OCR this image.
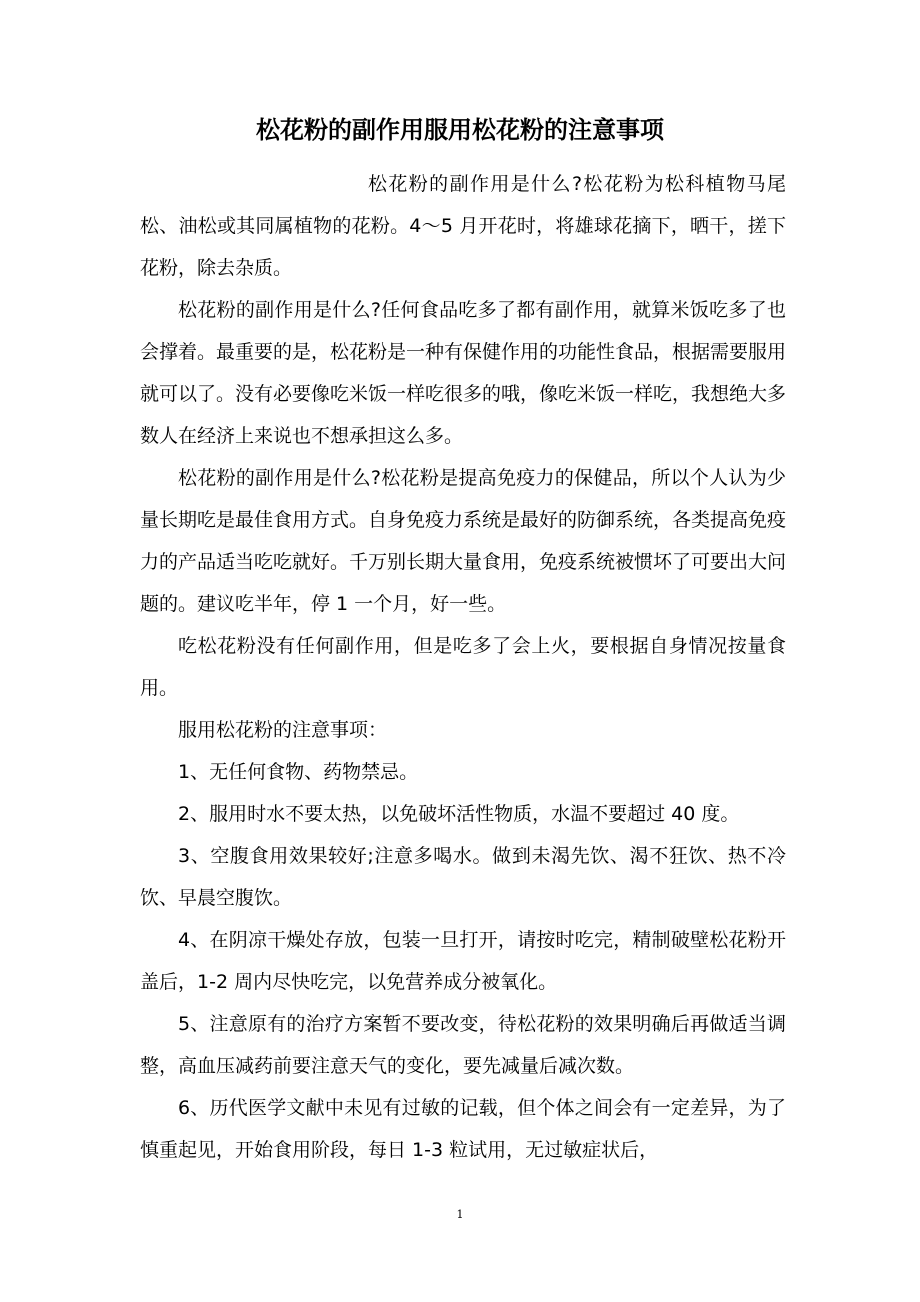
松花粉的副作用服用松花粉的注意事项

松花粉的副作用是什么?松花粉为松科植物马尾松、油松或其同属植物的花粉。4～5 月开花时，将雄球花摘下，晒干，搓下花粉，除去杂质。

松花粉的副作用是什么?任何食品吃多了都有副作用，就算米饭吃多了也会撑着。最重要的是，松花粉是一种有保健作用的功能性食品，根据需要服用就可以了。没有必要像吃米饭一样吃很多的哦，像吃米饭一样吃，我想绝大多数人在经济上来说也不想承担这么多。

松花粉的副作用是什么?松花粉是提高免疫力的保健品，所以个人认为少量长期吃是最佳食用方式。自身免疫力系统是最好的防御系统，各类提高免疫力的产品适当吃吃就好。千万别长期大量食用，免疫系统被惯坏了可要出大问题的。建议吃半年，停 1 一个月，好一些。

吃松花粉没有任何副作用，但是吃多了会上火，要根据自身情况按量食用。

服用松花粉的注意事项：

1、无任何食物、药物禁忌。

2、服用时水不要太热，以免破坏活性物质，水温不要超过 40 度。

3、空腹食用效果较好;注意多喝水。做到未渴先饮、渴不狂饮、热不冷饮、早晨空腹饮。

4、在阴凉干燥处存放，包装一旦打开，请按时吃完，精制破壁松花粉开盖后，1-2 周内尽快吃完，以免营养成分被氧化。

5、注意原有的治疗方案暂不要改变，待松花粉的效果明确后再做适当调整，高血压减药前要注意天气的变化，要先减量后减次数。

6、历代医学文献中未见有过敏的记载，但个体之间会有一定差异，为了慎重起见，开始食用阶段，每日 1-3 粒试用，无过敏症状后，

1
